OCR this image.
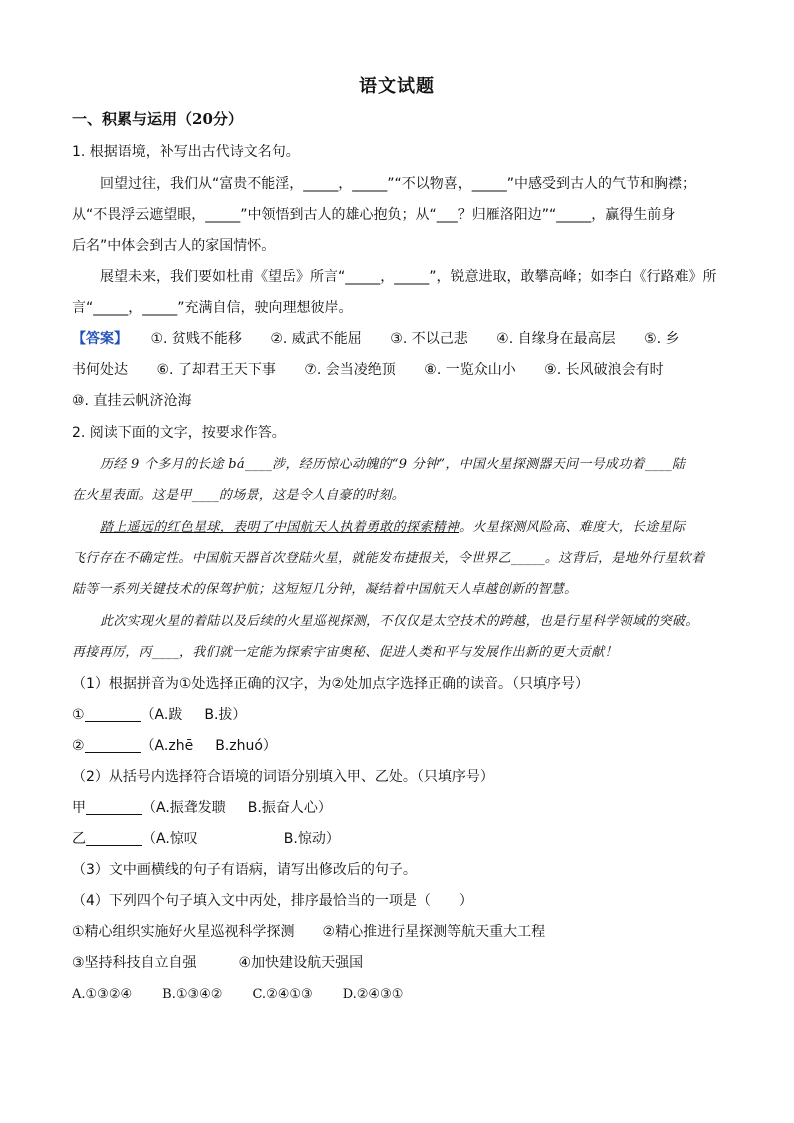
语文试题
一、积累与运用（20分）
1. 根据语境，补写出古代诗文名句。
回望过往，我们从“富贵不能淫，_____，_____”“不以物喜，_____”中感受到古人的气节和胸襟；
从“不畏浮云遮望眼，_____”中领悟到古人的雄心抱负；从“___？归雁洛阳边”“_____，赢得生前身
后名”中体会到古人的家国情怀。
展望未来，我们要如杜甫《望岳》所言“_____，_____”，锐意进取，敢攀高峰；如李白《行路难》所
言“_____，_____”充满自信，驶向理想彼岸。
【答案】 ①. 贫贱不能移 ②. 威武不能屈 ③. 不以己悲 ④. 自缘身在最高层 ⑤. 乡
书何处达 ⑥. 了却君王天下事 ⑦. 会当凌绝顶 ⑧. 一览众山小 ⑨. 长风破浪会有时
⑩. 直挂云帆济沧海
2. 阅读下面的文字，按要求作答。
历经 9 个多月的长途 bá____涉，经历惊心动魄的“9 分钟”，中国火星探测器天问一号成功着____陆
在火星表面。这是甲____的场景，这是令人自豪的时刻。
踏上遥远的红色星球，表明了中国航天人执着勇敢的探索精神。火星探测风险高、难度大，长途星际
飞行存在不确定性。中国航天器首次登陆火星，就能发布捷报关，令世界乙_____。这背后，是地外行星软着
陆等一系列关键技术的保驾护航；这短短几分钟，凝结着中国航天人卓越创新的智慧。
此次实现火星的着陆以及后续的火星巡视探测，不仅仅是太空技术的跨越，也是行星科学领域的突破。
再接再厉，丙____，我们就一定能为探索宇宙奥秘、促进人类和平与发展作出新的更大贡献！
（1）根据拼音为①处选择正确的汉字，为②处加点字选择正确的读音。（只填序号）
①	（A.跋 B.拔）
②	（A.zhē B.zhuó）
（2）从括号内选择符合语境的词语分别填入甲、乙处。（只填序号）
甲	（A.振聋发聩 B.振奋人心）
乙	（A.惊叹	B.惊动）
（3）文中画横线的句子有语病，请写出修改后的句子。
（4）下列四个句子填入文中丙处，排序最恰当的一项是（　　）
①精心组织实施好火星巡视科学探测　　②精心推进行星探测等航天重大工程
③坚持科技自立自强　　　④加快建设航天强国
A.①③②④ B.①③④② C.②④①③ D.②④③①
